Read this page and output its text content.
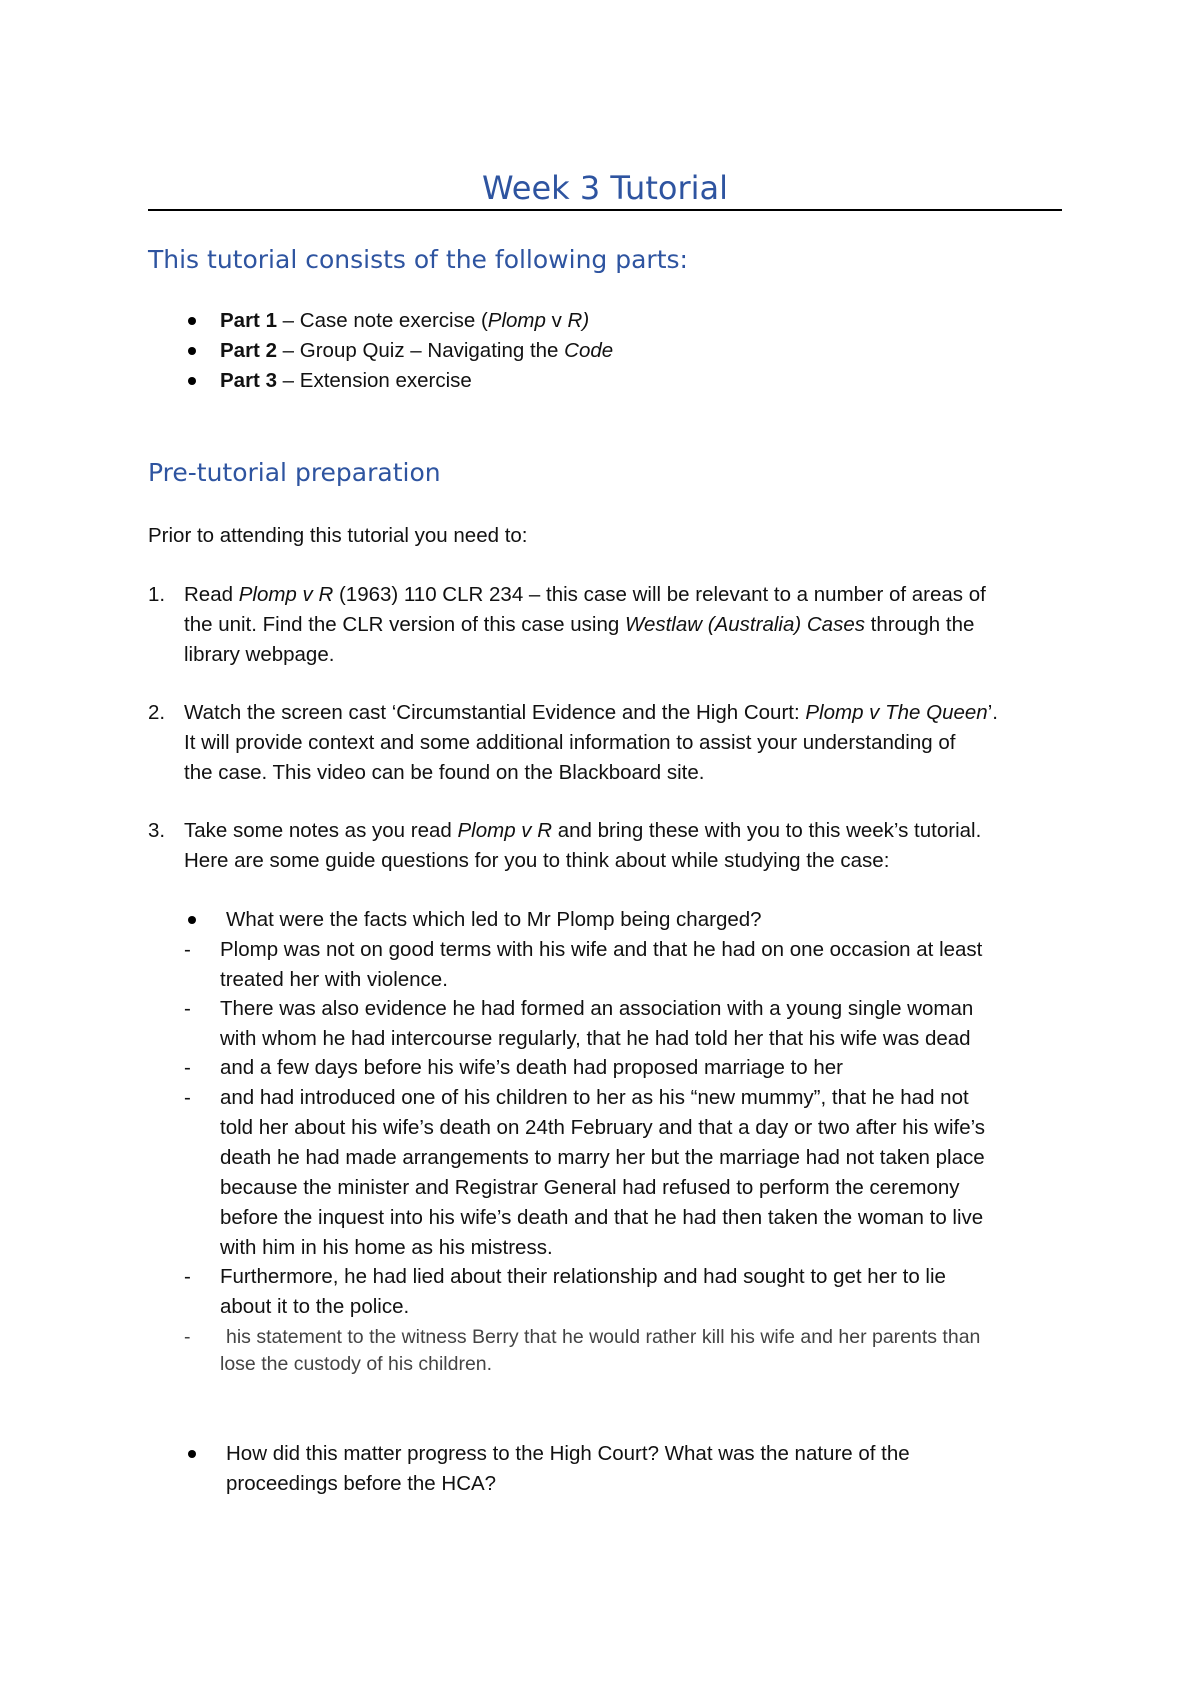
Week 3 Tutorial
This tutorial consists of the following parts:
Part 1 – Case note exercise (Plomp v R)
Part 2 – Group Quiz – Navigating the Code
Part 3 – Extension exercise
Pre-tutorial preparation
Prior to attending this tutorial you need to:
1. Read Plomp v R (1963) 110 CLR 234 – this case will be relevant to a number of areas of
the unit. Find the CLR version of this case using Westlaw (Australia) Cases through the
library webpage.
2. Watch the screen cast ‘Circumstantial Evidence and the High Court: Plomp v The Queen’.
It will provide context and some additional information to assist your understanding of
the case. This video can be found on the Blackboard site.
3. Take some notes as you read Plomp v R and bring these with you to this week’s tutorial.
Here are some guide questions for you to think about while studying the case:
What were the facts which led to Mr Plomp being charged?
- Plomp was not on good terms with his wife and that he had on one occasion at least
treated her with violence.
- There was also evidence he had formed an association with a young single woman
with whom he had intercourse regularly, that he had told her that his wife was dead
- and a few days before his wife’s death had proposed marriage to her
- and had introduced one of his children to her as his “new mummy”, that he had not
told her about his wife’s death on 24th February and that a day or two after his wife’s
death he had made arrangements to marry her but the marriage had not taken place
because the minister and Registrar General had refused to perform the ceremony
before the inquest into his wife’s death and that he had then taken the woman to live
with him in his home as his mistress.
- Furthermore, he had lied about their relationship and had sought to get her to lie
about it to the police.
- his statement to the witness Berry that he would rather kill his wife and her parents than
lose the custody of his children.
How did this matter progress to the High Court? What was the nature of the
proceedings before the HCA?
